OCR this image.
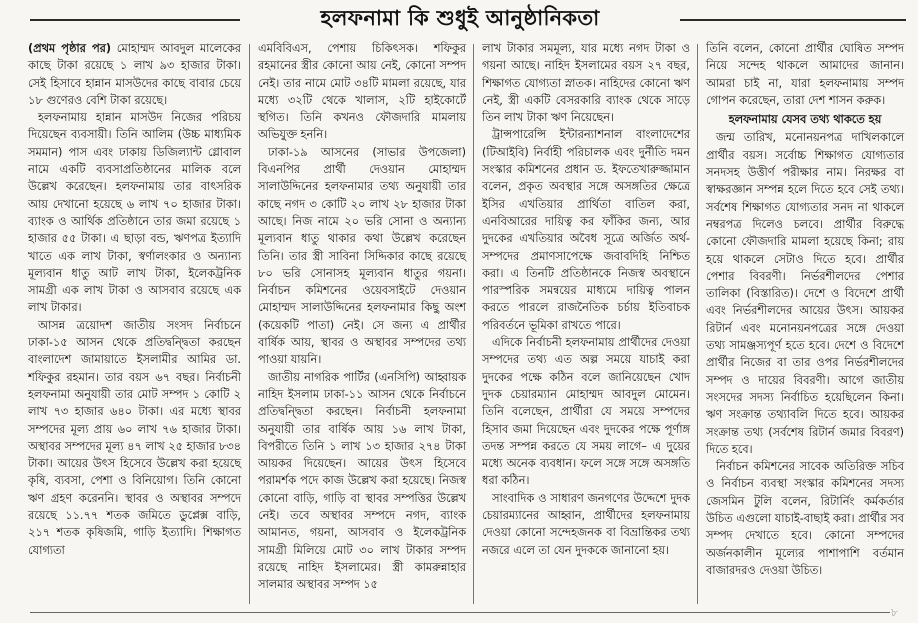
হলফনামা কি শুধুই আনুষ্ঠানিকতা

(প্রথম পৃষ্ঠার পর) মোহাম্মদ আবদুল মালেকের কাছে টাকা রয়েছে ১ লাখ ৯৩ হাজার টাকা। সেই হিসাবে হান্নান মাসউদের কাছে বাবার চেয়ে ১৮ গুণেরও বেশি টাকা রয়েছে।

হলফনামায় হান্নান মাসউদ নিজের পরিচয় দিয়েছেন ব্যবসায়ী। তিনি আলিম (উচ্চ মাধ্যমিক সমমান) পাস এবং ঢাকায় ডিজিল্যান্ট গ্লোবাল নামে একটি ব্যবসাপ্রতিষ্ঠানের মালিক বলে উল্লেখ করেছেন। হলফনামায় তার বাৎসরিক আয় দেখানো হয়েছে ৬ লাখ ৭০ হাজার টাকা। ব্যাংক ও আর্থিক প্রতিষ্ঠানে তার জমা রয়েছে ১ হাজার ৫৫ টাকা। এ ছাড়া বন্ড, ঋণপত্র ইত্যাদি খাতে এক লাখ টাকা, স্বর্ণালংকার ও অন্যান্য মূল্যবান ধাতু আট লাখ টাকা, ইলেকট্রনিক সামগ্রী এক লাখ টাকা ও আসবাব রয়েছে এক লাখ টাকার।

আসন্ন ত্রয়োদশ জাতীয় সংসদ নির্বাচনে ঢাকা-১৫ আসন থেকে প্রতিদ্বন্দ্বিতা করছেন বাংলাদেশ জামায়াতে ইসলামীর আমির ডা. শফিকুর রহমান। তার বয়স ৬৭ বছর। নির্বাচনী হলফনামা অনুযায়ী তার মোট সম্পদ ১ কোটি ২ লাখ ৭৩ হাজার ৬৪০ টাকা। এর মধ্যে স্থাবর সম্পদের মূল্য প্রায় ৬০ লাখ ৭৬ হাজার টাকা। অস্থাবর সম্পদের মূল্য ৪৭ লাখ ২৫ হাজার ৮৩৪ টাকা। আয়ের উৎস হিসেবে উল্লেখ করা হয়েছে কৃষি, ব্যবসা, পেশা ও বিনিয়োগ। তিনি কোনো ঋণ গ্রহণ করেননি। স্থাবর ও অস্থাবর সম্পদে রয়েছে ১১.৭৭ শতক জমিতে ডুপ্লেক্স বাড়ি, ২১৭ শতক কৃষিজমি, গাড়ি ইত্যাদি। শিক্ষাগত যোগ্যতা

এমবিবিএস, পেশায় চিকিৎসক। শফিকুর রহমানের স্ত্রীর কোনো আয় নেই, কোনো সম্পদ নেই। তার নামে মোট ৩৪টি মামলা রয়েছে, যার মধ্যে ৩২টি থেকে খালাস, ২টি হাইকোর্টে স্থগিত। তিনি কখনও ফৌজদারি মামলায় অভিযুক্ত হননি।

ঢাকা-১৯ আসনের (সাভার উপজেলা) বিএনপির প্রার্থী দেওয়ান মোহাম্মদ সালাউদ্দিনের হলফনামার তথ্য অনুযায়ী তার কাছে নগদ ৩ কোটি ২০ লাখ ২৮ হাজার টাকা আছে। নিজ নামে ২০ ভরি সোনা ও অন্যান্য মূল্যবান ধাতু থাকার কথা উল্লেখ করেছেন তিনি। তার স্ত্রী সাবিনা সিদ্দিকার কাছে রয়েছে ৮০ ভরি সোনাসহ মূল্যবান ধাতুর গয়না। নির্বাচন কমিশনের ওয়েবসাইটে দেওয়ান মোহাম্মদ সালাউদ্দিনের হলফনামার কিছু অংশ (কয়েকটি পাতা) নেই। সে জন্য এ প্রার্থীর বার্ষিক আয়, স্থাবর ও অস্থাবর সম্পদের তথ্য পাওয়া যায়নি।

জাতীয় নাগরিক পার্টির (এনসিপি) আহ্বায়ক নাহিদ ইসলাম ঢাকা-১১ আসন থেকে নির্বাচনে প্রতিদ্বন্দ্বিতা করছেন। নির্বাচনী হলফনামা অনুযায়ী তার বার্ষিক আয় ১৬ লাখ টাকা, বিপরীতে তিনি ১ লাখ ১৩ হাজার ২৭৪ টাকা আয়কর দিয়েছেন। আয়ের উৎস হিসেবে পরামর্শক পদে কাজ উল্লেখ করা হয়েছে। নিজস্ব কোনো বাড়ি, গাড়ি বা স্থাবর সম্পত্তির উল্লেখ নেই। তবে অস্থাবর সম্পদে নগদ, ব্যাংক আমানত, গয়না, আসবাব ও ইলেকট্রনিক সামগ্রী মিলিয়ে মোট ৩০ লাখ টাকার সম্পদ রয়েছে নাহিদ ইসলামের। স্ত্রী কামরুন্নাহার সালমার অস্থাবর সম্পদ ১৫

লাখ টাকার সমমূল্য, যার মধ্যে নগদ টাকা ও গয়না আছে। নাহিদ ইসলামের বয়স ২৭ বছর, শিক্ষাগত যোগ্যতা স্নাতক। নাহিদের কোনো ঋণ নেই, স্ত্রী একটি বেসরকারি ব্যাংক থেকে সাড়ে তিন লাখ টাকা ঋণ নিয়েছেন।

ট্রান্সপারেন্সি ইন্টারন্যাশনাল বাংলাদেশের (টিআইবি) নির্বাহী পরিচালক এবং দুর্নীতি দমন সংস্কার কমিশনের প্রধান ড. ইফতেখারুজ্জামান বলেন, প্রকৃত অবস্থার সঙ্গে অসঙ্গতির ক্ষেত্রে ইসির এখতিয়ার প্রার্থিতা বাতিল করা, এনবিআরের দায়িত্ব কর ফাঁকির জন্য, আর দুদকের এখতিয়ার অবৈধ সূত্রে অর্জিত অর্থ-সম্পদের প্রমাণসাপেক্ষে জবাবদিহি নিশ্চিত করা। এ তিনটি প্রতিষ্ঠানকে নিজস্ব অবস্থানে পারস্পরিক সমন্বয়ের মাধ্যমে দায়িত্ব পালন করতে পারলে রাজনৈতিক চর্চায় ইতিবাচক পরিবর্তনে ভূমিকা রাখতে পারে।

এদিকে নির্বাচনী হলফনামায় প্রার্থীদের দেওয়া সম্পদের তথ্য এত অল্প সময়ে যাচাই করা দুদকের পক্ষে কঠিন বলে জানিয়েছেন খোদ দুদক চেয়ারম্যান মোহাম্মদ আবদুল মোমেন। তিনি বলেছেন, প্রার্থীরা যে সময়ে সম্পদের হিসাব জমা দিয়েছেন এবং দুদকের পক্ষে পূর্ণাঙ্গ তদন্ত সম্পন্ন করতে যে সময় লাগে– এ দুয়ের মধ্যে অনেক ব্যবধান। ফলে সঙ্গে সঙ্গে অসঙ্গতি ধরা কঠিন।

সাংবাদিক ও সাধারণ জনগণের উদ্দেশে দুদক চেয়ারম্যানের আহ্বান, প্রার্থীদের হলফনামায় দেওয়া কোনো সন্দেহজনক বা বিভ্রান্তিকর তথ্য নজরে এলে তা যেন দুদককে জানানো হয়।

তিনি বলেন, কোনো প্রার্থীর ঘোষিত সম্পদ নিয়ে সন্দেহ থাকলে আমাদের জানান। আমরা চাই না, যারা হলফনামায় সম্পদ গোপন করেছেন, তারা দেশ শাসন করুক।

হলফনামায় যেসব তথ্য থাকতে হয়

জন্ম তারিখ, মনোনয়নপত্র দাখিলকালে প্রার্থীর বয়স। সর্বোচ্চ শিক্ষাগত যোগ্যতার সনদসহ উত্তীর্ণ পরীক্ষার নাম। নিরক্ষর বা স্বাক্ষরজ্ঞান সম্পন্ন হলে দিতে হবে সেই তথ্য। সর্বশেষ শিক্ষাগত যোগ্যতার সনদ না থাকলে নম্বরপত্র দিলেও চলবে। প্রার্থীর বিরুদ্ধে কোনো ফৌজদারি মামলা হয়েছে কিনা; রায় হয়ে থাকলে সেটাও দিতে হবে। প্রার্থীর পেশার বিবরণী। নির্ভরশীলদের পেশার তালিকা (বিস্তারিত)। দেশে ও বিদেশে প্রার্থী এবং নির্ভরশীলদের আয়ের উৎস। আয়কর রিটার্ন এবং মনোনয়নপত্রের সঙ্গে দেওয়া তথ্য সামঞ্জস্যপূর্ণ হতে হবে। দেশে ও বিদেশে প্রার্থীর নিজের বা তার ওপর নির্ভরশীলদের সম্পদ ও দায়ের বিবরণী। আগে জাতীয় সংসদের সদস্য নির্বাচিত হয়েছিলেন কিনা। ঋণ সংক্রান্ত তথ্যাবলি দিতে হবে। আয়কর সংক্রান্ত তথ্য (সর্বশেষ রিটার্ন জমার বিবরণ) দিতে হবে।

নির্বাচন কমিশনের সাবেক অতিরিক্ত সচিব ও নির্বাচন ব্যবস্থা সংস্কার কমিশনের সদস্য জেসমিন টুলি বলেন, রিটার্নিং কর্মকর্তার উচিত এগুলো যাচাই-বাছাই করা। প্রার্থীর সব সম্পদ দেখাতে হবে। কোনো সম্পদের অর্জনকালীন মূল্যের পাশাপাশি বর্তমান বাজারদরও দেওয়া উচিত।

৮
